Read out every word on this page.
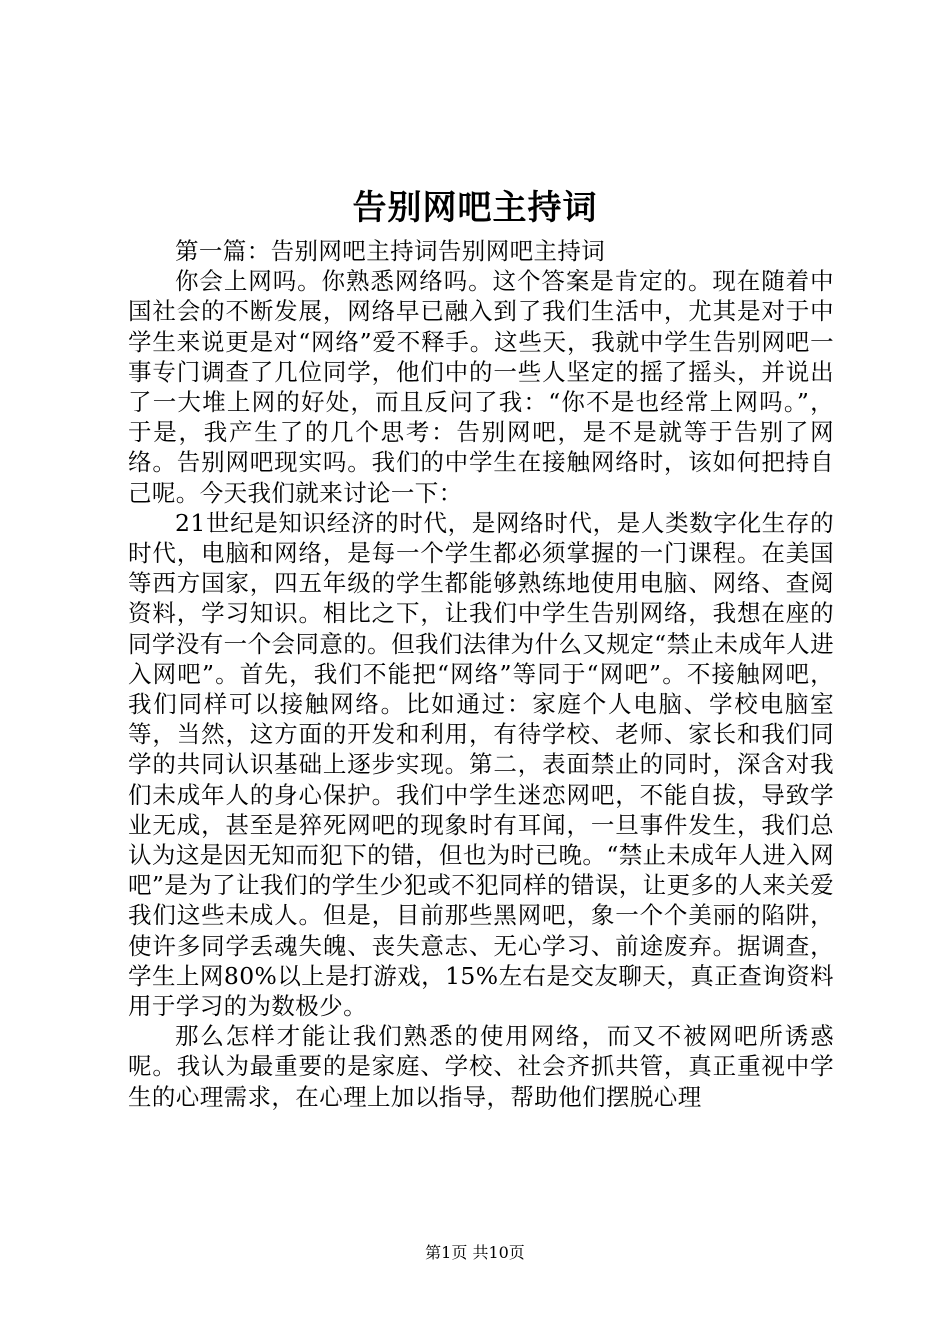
告别网吧主持词

第一篇：告别网吧主持词告别网吧主持词

你会上网吗。你熟悉网络吗。这个答案是肯定的。现在随着中国社会的不断发展，网络早已融入到了我们生活中，尤其是对于中学生来说更是对“网络”爱不释手。这些天，我就中学生告别网吧一事专门调查了几位同学，他们中的一些人坚定的摇了摇头，并说出了一大堆上网的好处，而且反问了我：“你不是也经常上网吗。”，于是，我产生了的几个思考：告别网吧，是不是就等于告别了网络。告别网吧现实吗。我们的中学生在接触网络时，该如何把持自己呢。今天我们就来讨论一下：

21世纪是知识经济的时代，是网络时代，是人类数字化生存的时代，电脑和网络，是每一个学生都必须掌握的一门课程。在美国等西方国家，四五年级的学生都能够熟练地使用电脑、网络、查阅资料，学习知识。相比之下，让我们中学生告别网络，我想在座的同学没有一个会同意的。但我们法律为什么又规定“禁止未成年人进入网吧”。首先，我们不能把“网络”等同于“网吧”。不接触网吧，我们同样可以接触网络。比如通过：家庭个人电脑、学校电脑室等，当然，这方面的开发和利用，有待学校、老师、家长和我们同学的共同认识基础上逐步实现。第二，表面禁止的同时，深含对我们未成年人的身心保护。我们中学生迷恋网吧，不能自拔，导致学业无成，甚至是猝死网吧的现象时有耳闻，一旦事件发生，我们总认为这是因无知而犯下的错，但也为时已晚。“禁止未成年人进入网吧”是为了让我们的学生少犯或不犯同样的错误，让更多的人来关爱我们这些未成人。但是，目前那些黑网吧，象一个个美丽的陷阱，使许多同学丢魂失魄、丧失意志、无心学习、前途废弃。据调查，学生上网80%以上是打游戏，15%左右是交友聊天，真正查询资料用于学习的为数极少。

那么怎样才能让我们熟悉的使用网络，而又不被网吧所诱惑呢。我认为最重要的是家庭、学校、社会齐抓共管，真正重视中学生的心理需求，在心理上加以指导，帮助他们摆脱心理

第1页 共10页
